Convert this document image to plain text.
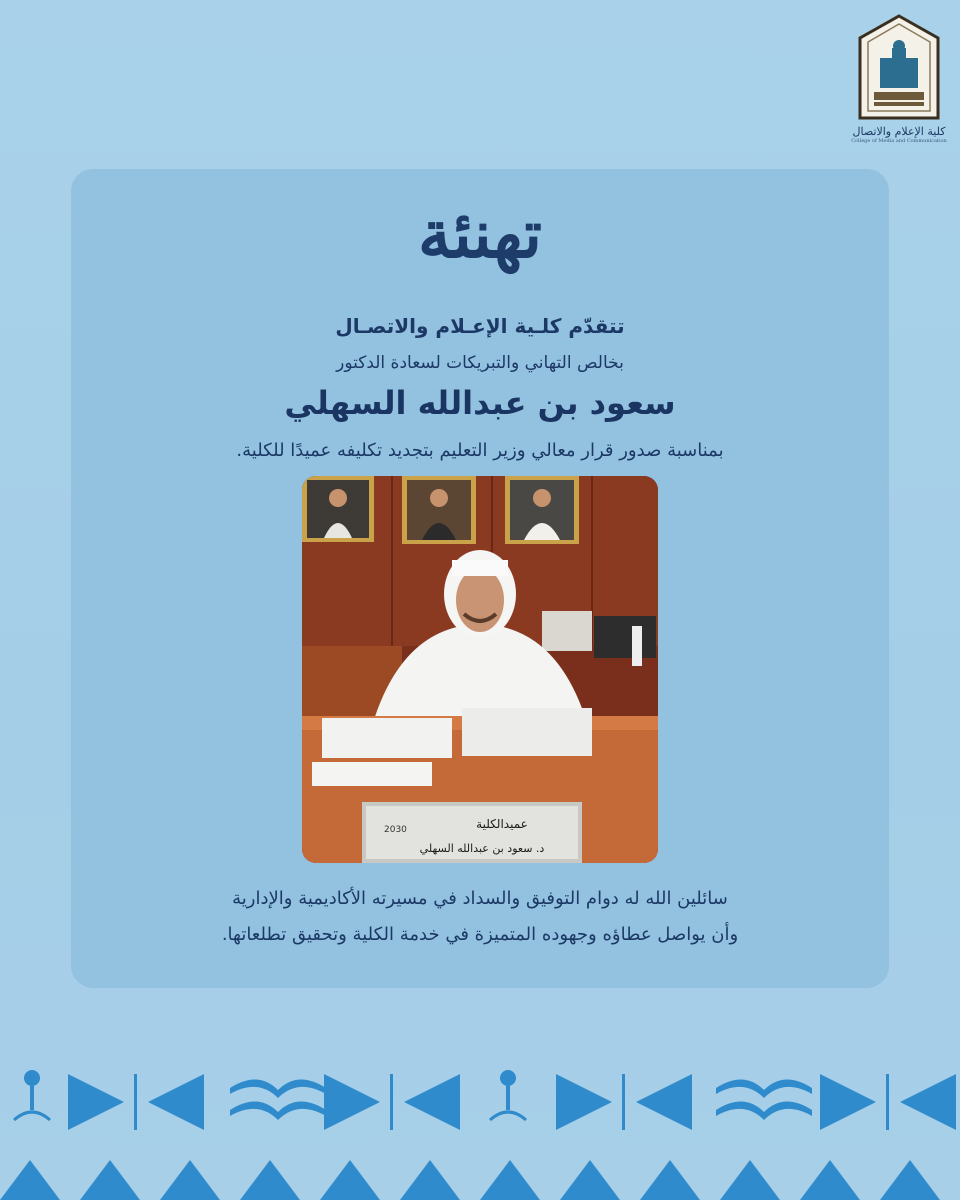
كلية الإعلام والاتصال
College of Media and Communication
تهنئة
تتقدّم كلـية الإعـلام والاتصـال
بخالص التهاني والتبريكات لسعادة الدكتور
سعود بن عبدالله السهلي
بمناسبة صدور قرار معالي وزير التعليم بتجديد تكليفه عميدًا للكلية.
عميدالكلية
د. سعود بن عبدالله السهلي
2030
سائلين الله له دوام التوفيق والسداد في مسيرته الأكاديمية والإدارية
وأن يواصل عطاؤه وجهوده المتميزة في خدمة الكلية وتحقيق تطلعاتها.
